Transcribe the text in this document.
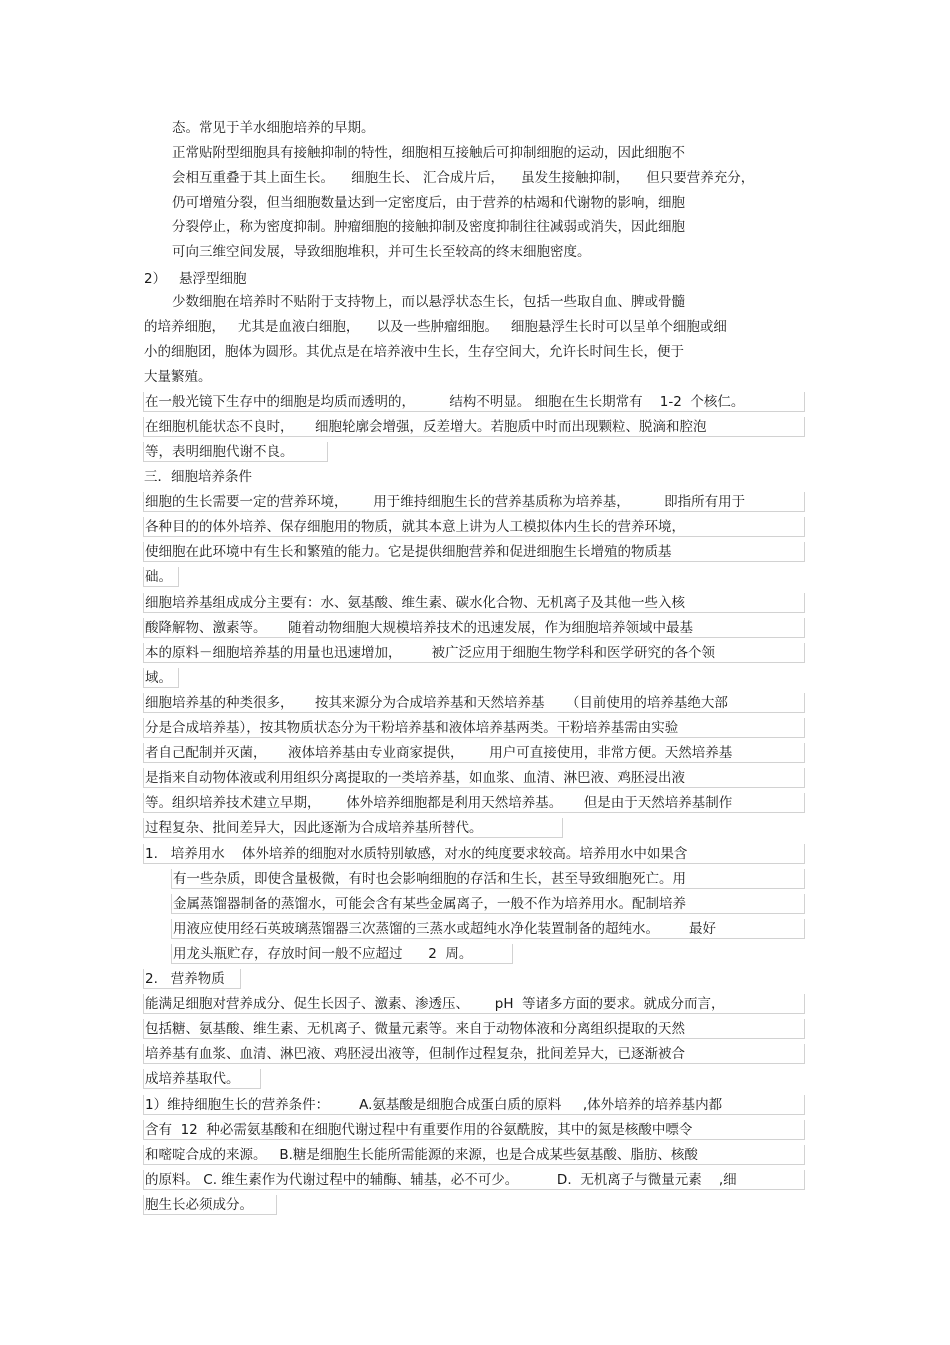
态。常见于羊水细胞培养的早期。
正常贴附型细胞具有接触抑制的特性，细胞相互接触后可抑制细胞的运动，因此细胞不
会相互重叠于其上面生长。    细胞生长、 汇合成片后，    虽发生接触抑制，    但只要营养充分，
仍可增殖分裂，但当细胞数量达到一定密度后，由于营养的枯竭和代谢物的影响，细胞
分裂停止，称为密度抑制。肿瘤细胞的接触抑制及密度抑制往往减弱或消失，因此细胞
可向三维空间发展，导致细胞堆积，并可生长至较高的终末细胞密度。
2）   悬浮型细胞
少数细胞在培养时不贴附于支持物上，而以悬浮状态生长，包括一些取自血、脾或骨髓
的培养细胞，   尤其是血液白细胞，    以及一些肿瘤细胞。   细胞悬浮生长时可以呈单个细胞或细
小的细胞团，胞体为圆形。其优点是在培养液中生长，生存空间大，允许长时间生长，便于
大量繁殖。
在一般光镜下生存中的细胞是均质而透明的，        结构不明显。 细胞在生长期常有    1-2  个核仁。
在细胞机能状态不良时，     细胞轮廓会增强，反差增大。若胞质中时而出现颗粒、脱滴和腔泡
等，表明细胞代谢不良。
三．细胞培养条件
细胞的生长需要一定的营养环境，      用于维持细胞生长的营养基质称为培养基，        即指所有用于
各种目的的体外培养、保存细胞用的物质，就其本意上讲为人工模拟体内生长的营养环境，
使细胞在此环境中有生长和繁殖的能力。它是提供细胞营养和促进细胞生长增殖的物质基
础。
细胞培养基组成成分主要有：水、氨基酸、维生素、碳水化合物、无机离子及其他一些入核
酸降解物、激素等。     随着动物细胞大规模培养技术的迅速发展，作为细胞培养领域中最基
本的原料－细胞培养基的用量也迅速增加，       被广泛应用于细胞生物学科和医学研究的各个领
域。
细胞培养基的种类很多，     按其来源分为合成培养基和天然培养基     （目前使用的培养基绝大部
分是合成培养基），按其物质状态分为干粉培养基和液体培养基两类。干粉培养基需由实验
者自己配制并灭菌，     液体培养基由专业商家提供，      用户可直接使用，非常方便。天然培养基
是指来自动物体液或利用组织分离提取的一类培养基，如血浆、血清、淋巴液、鸡胚浸出液
等。组织培养技术建立早期，      体外培养细胞都是利用天然培养基。     但是由于天然培养基制作
过程复杂、批间差异大，因此逐渐为合成培养基所替代。
1.   培养用水    体外培养的细胞对水质特别敏感，对水的纯度要求较高。培养用水中如果含
有一些杂质，即使含量极微，有时也会影响细胞的存活和生长，甚至导致细胞死亡。用
金属蒸馏器制备的蒸馏水，可能会含有某些金属离子，一般不作为培养用水。配制培养
用液应使用经石英玻璃蒸馏器三次蒸馏的三蒸水或超纯水净化装置制备的超纯水。       最好
用龙头瓶贮存，存放时间一般不应超过      2  周。
2.   营养物质
能满足细胞对营养成分、促生长因子、激素、渗透压、      pH  等诸多方面的要求。就成分而言，
包括糖、氨基酸、维生素、无机离子、微量元素等。来自于动物体液和分离组织提取的天然
培养基有血浆、血清、淋巴液、鸡胚浸出液等，但制作过程复杂，批间差异大，已逐渐被合
成培养基取代。
1）维持细胞生长的营养条件：       A.氨基酸是细胞合成蛋白质的原料     ,体外培养的培养基内都
含有  12  种必需氨基酸和在细胞代谢过程中有重要作用的谷氨酰胺，其中的氮是核酸中嘌令
和嘧啶合成的来源。   B.糖是细胞生长能所需能源的来源，也是合成某些氨基酸、脂肪、核酸
的原料。 C. 维生素作为代谢过程中的辅酶、辅基，必不可少。         D.  无机离子与微量元素    ,细
胞生长必须成分。
